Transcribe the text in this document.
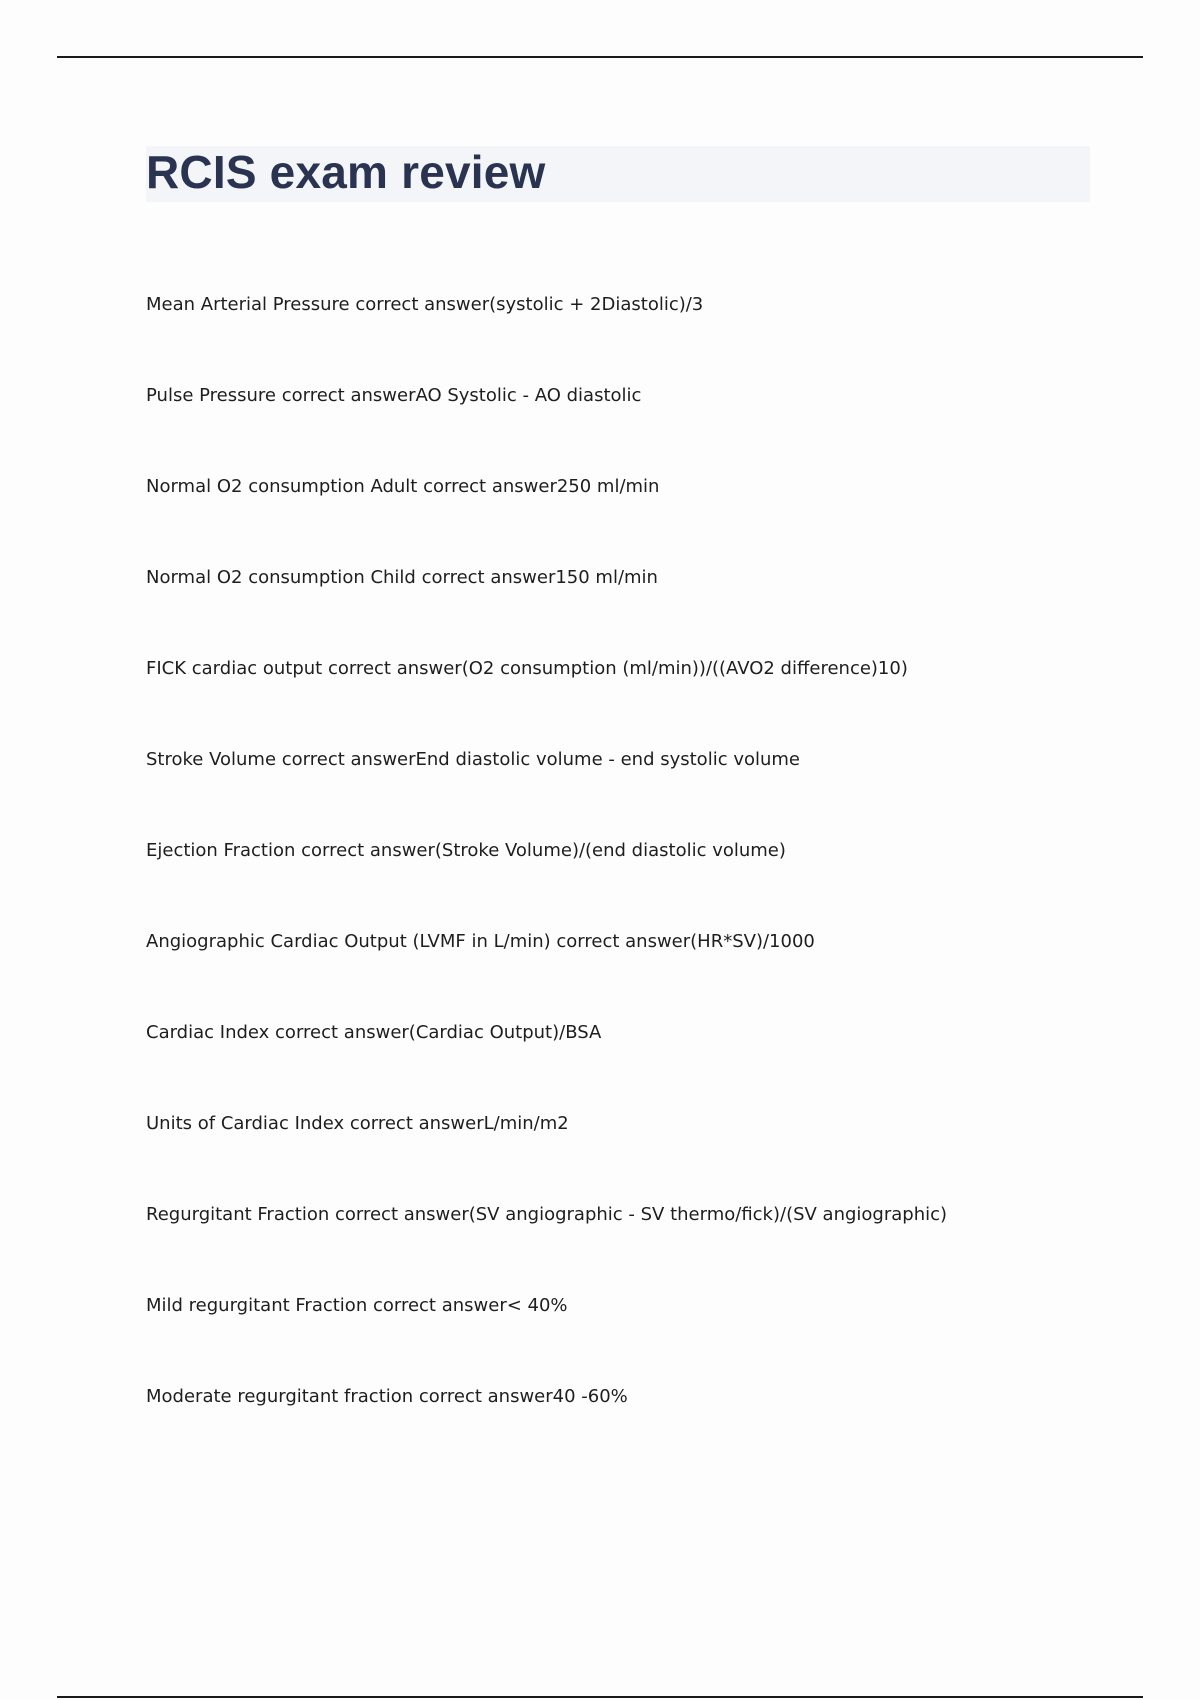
RCIS exam review
Mean Arterial Pressure correct answer(systolic + 2Diastolic)/3
Pulse Pressure correct answerAO Systolic - AO diastolic
Normal O2 consumption Adult correct answer250 ml/min
Normal O2 consumption Child correct answer150 ml/min
FICK cardiac output correct answer(O2 consumption (ml/min))/((AVO2 difference)10)
Stroke Volume correct answerEnd diastolic volume - end systolic volume
Ejection Fraction correct answer(Stroke Volume)/(end diastolic volume)
Angiographic Cardiac Output (LVMF in L/min) correct answer(HR*SV)/1000
Cardiac Index correct answer(Cardiac Output)/BSA
Units of Cardiac Index correct answerL/min/m2
Regurgitant Fraction correct answer(SV angiographic - SV thermo/fick)/(SV angiographic)
Mild regurgitant Fraction correct answer< 40%
Moderate regurgitant fraction correct answer40 -60%
